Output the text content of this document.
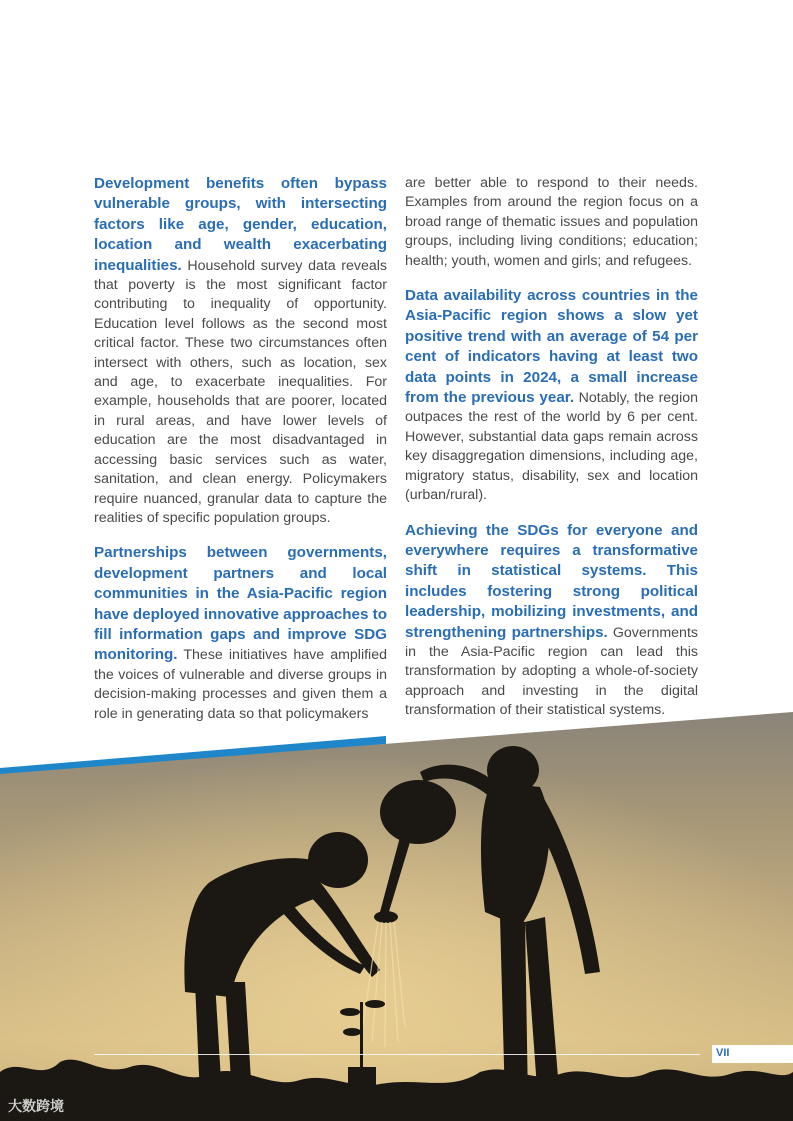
Development benefits often bypass vulnerable groups, with intersecting factors like age, gender, education, location and wealth exacerbating inequalities. Household survey data reveals that poverty is the most significant factor contributing to inequality of opportunity. Education level follows as the second most critical factor. These two circumstances often intersect with others, such as location, sex and age, to exacerbate inequalities. For example, households that are poorer, located in rural areas, and have lower levels of education are the most disadvantaged in accessing basic services such as water, sanitation, and clean energy. Policymakers require nuanced, granular data to capture the realities of specific population groups.

Partnerships between governments, development partners and local communities in the Asia-Pacific region have deployed innovative approaches to fill information gaps and improve SDG monitoring. These initiatives have amplified the voices of vulnerable and diverse groups in decision-making processes and given them a role in generating data so that policymakers

are better able to respond to their needs. Examples from around the region focus on a broad range of thematic issues and population groups, including living conditions; education; health; youth, women and girls; and refugees.

Data availability across countries in the Asia-Pacific region shows a slow yet positive trend with an average of 54 per cent of indicators having at least two data points in 2024, a small increase from the previous year. Notably, the region outpaces the rest of the world by 6 per cent. However, substantial data gaps remain across key disaggregation dimensions, including age, migratory status, disability, sex and location (urban/rural).

Achieving the SDGs for everyone and everywhere requires a transformative shift in statistical systems. This includes fostering strong political leadership, mobilizing investments, and strengthening partnerships. Governments in the Asia-Pacific region can lead this transformation by adopting a whole-of-society approach and investing in the digital transformation of their statistical systems.

VII
大数跨境
